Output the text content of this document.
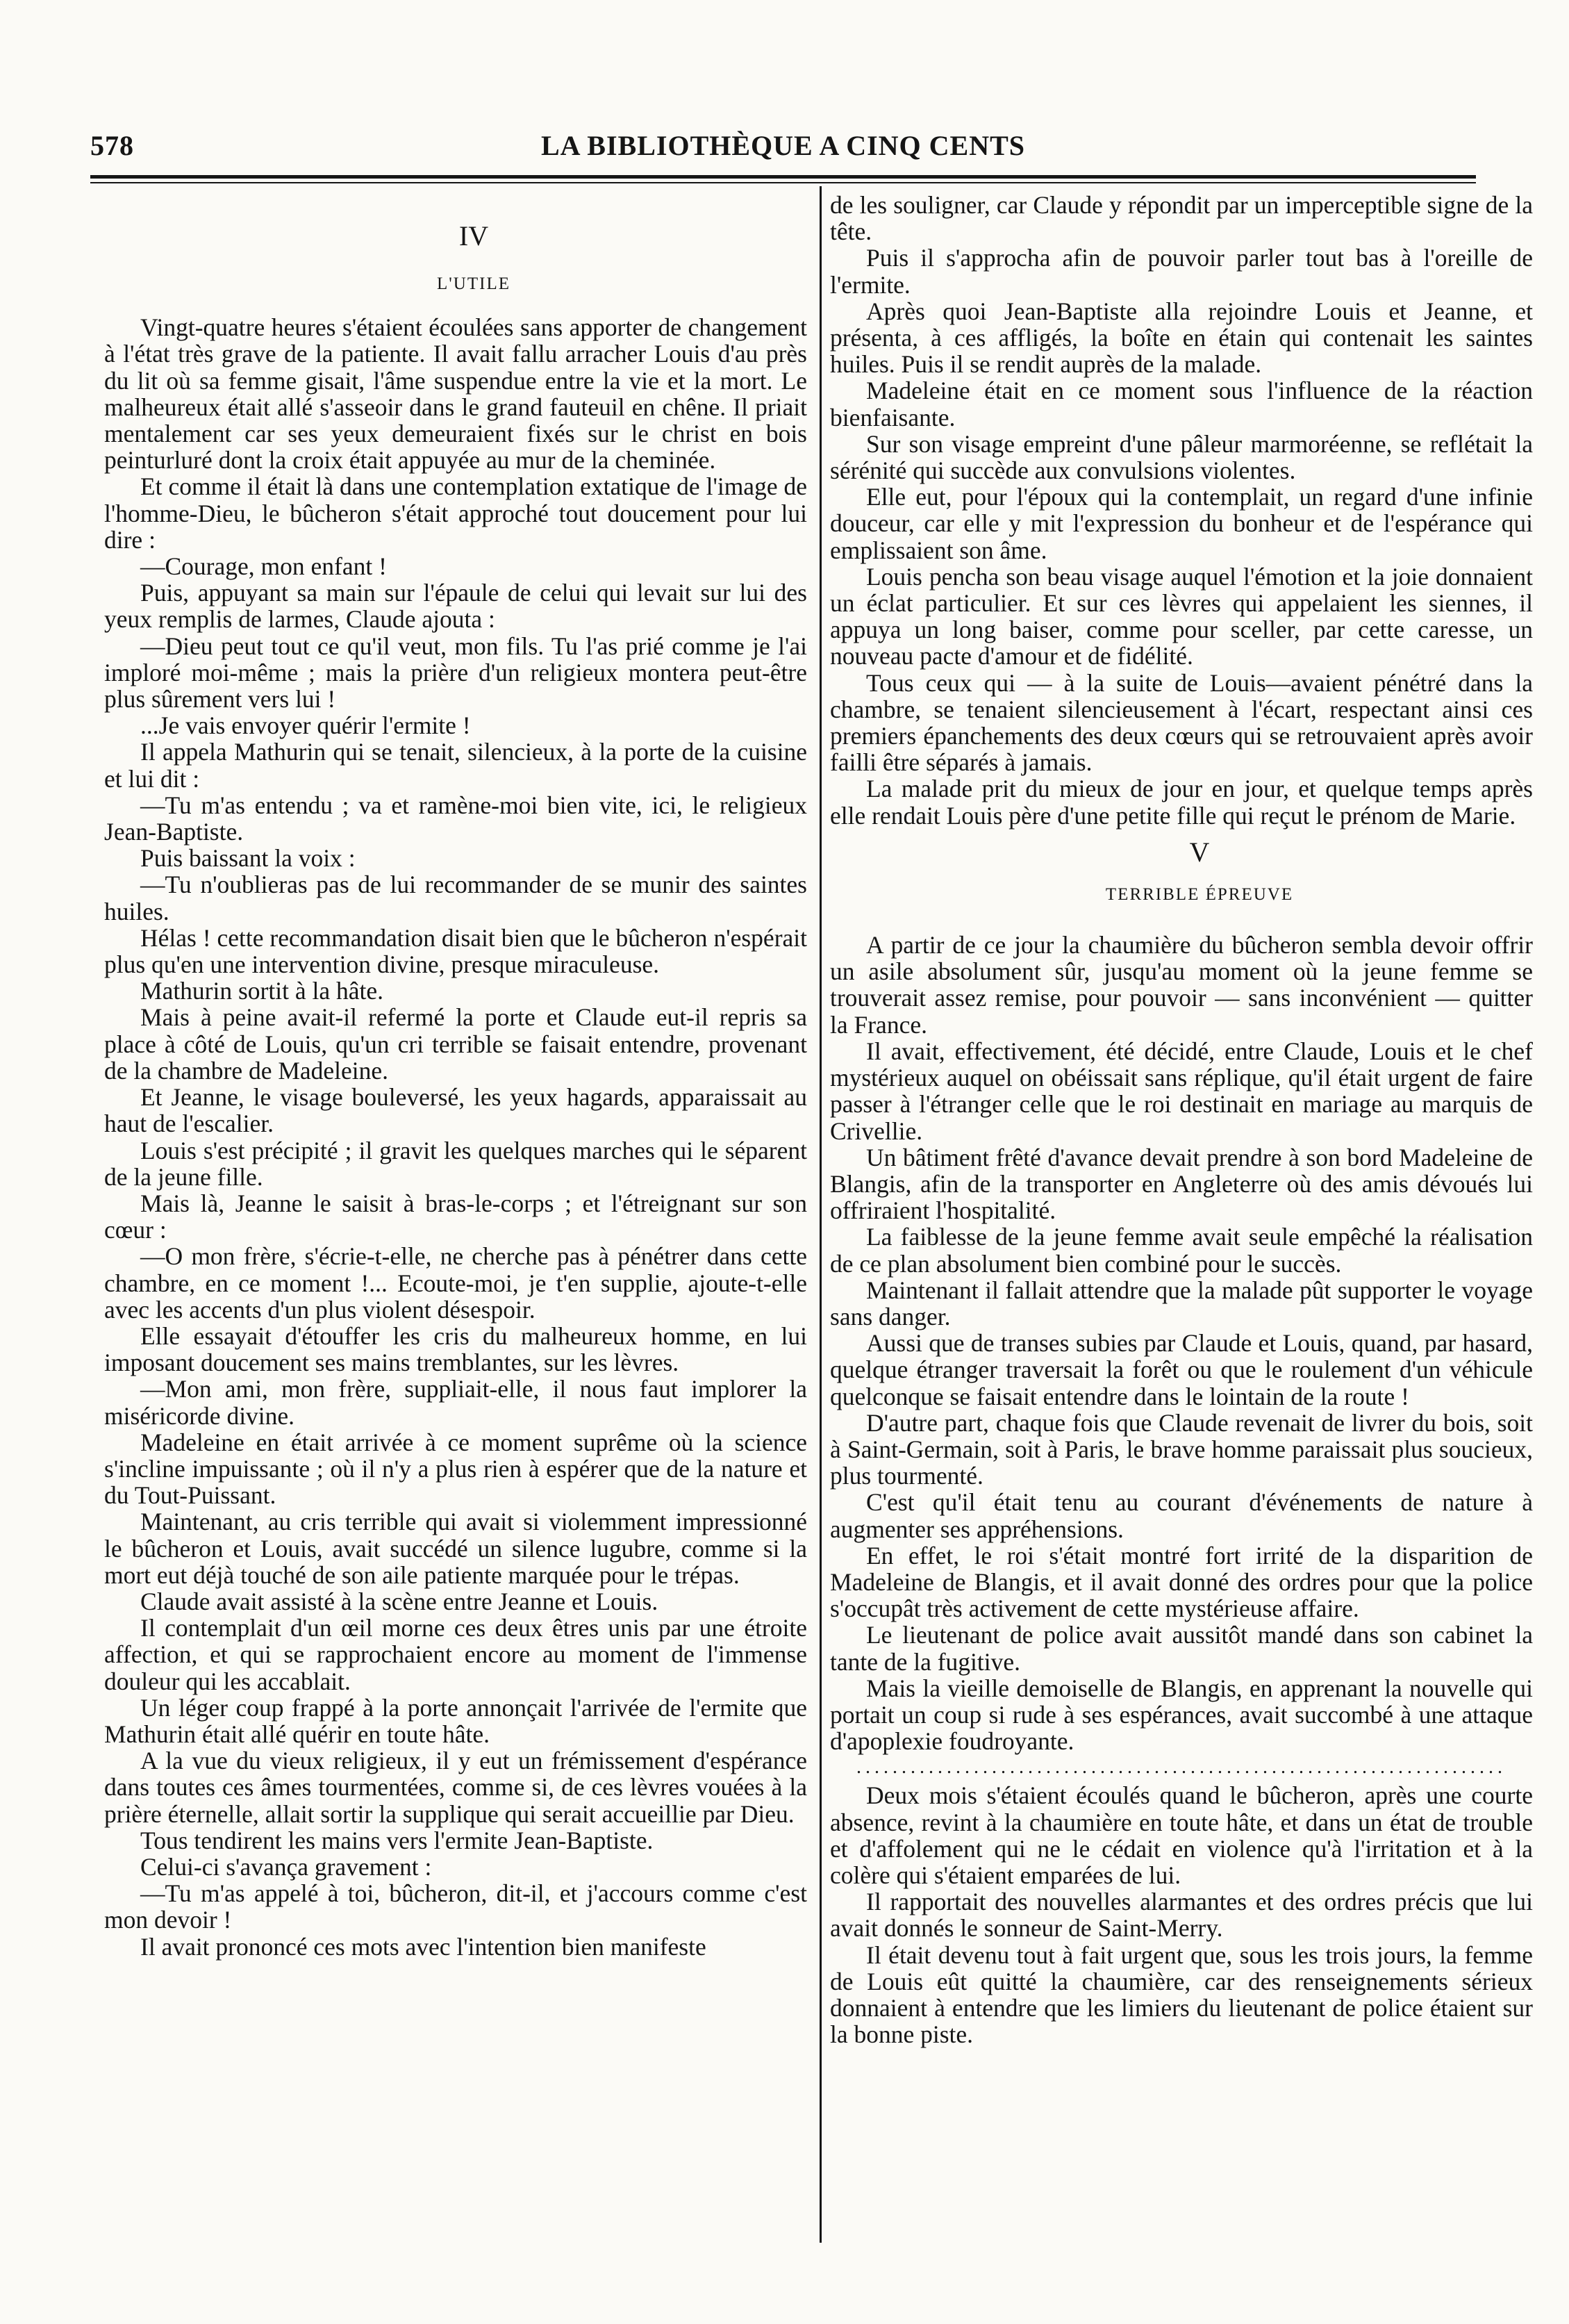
578	LA BIBLIOTHÈQUE A CINQ CENTS

IV

L'UTILE

Vingt-quatre heures s'étaient écoulées sans apporter de changement à l'état très grave de la patiente. Il avait fallu arracher Louis d'au près du lit où sa femme gisait, l'âme suspendue entre la vie et la mort. Le malheureux était allé s'asseoir dans le grand fauteuil en chêne. Il priait mentalement car ses yeux demeuraient fixés sur le christ en bois peinturluré dont la croix était appuyée au mur de la cheminée.

Et comme il était là dans une contemplation extatique de l'image de l'homme-Dieu, le bûcheron s'était approché tout doucement pour lui dire :

—Courage, mon enfant !

Puis, appuyant sa main sur l'épaule de celui qui levait sur lui des yeux remplis de larmes, Claude ajouta :

—Dieu peut tout ce qu'il veut, mon fils. Tu l'as prié comme je l'ai imploré moi-même ; mais la prière d'un religieux montera peut-être plus sûrement vers lui !

...Je vais envoyer quérir l'ermite !

Il appela Mathurin qui se tenait, silencieux, à la porte de la cuisine et lui dit :

—Tu m'as entendu ; va et ramène-moi bien vite, ici, le religieux Jean-Baptiste.

Puis baissant la voix :

—Tu n'oublieras pas de lui recommander de se munir des saintes huiles.

Hélas ! cette recommandation disait bien que le bûcheron n'espérait plus qu'en une intervention divine, presque miraculeuse.

Mathurin sortit à la hâte.

Mais à peine avait-il refermé la porte et Claude eut-il repris sa place à côté de Louis, qu'un cri terrible se faisait entendre, provenant de la chambre de Madeleine.

Et Jeanne, le visage bouleversé, les yeux hagards, apparaissait au haut de l'escalier.

Louis s'est précipité ; il gravit les quelques marches qui le séparent de la jeune fille.

Mais là, Jeanne le saisit à bras-le-corps ; et l'étreignant sur son cœur :

—O mon frère, s'écrie-t-elle, ne cherche pas à pénétrer dans cette chambre, en ce moment !... Ecoute-moi, je t'en supplie, ajoute-t-elle avec les accents d'un plus violent désespoir.

Elle essayait d'étouffer les cris du malheureux homme, en lui imposant doucement ses mains tremblantes, sur les lèvres.

—Mon ami, mon frère, suppliait-elle, il nous faut implorer la miséricorde divine.

Madeleine en était arrivée à ce moment suprême où la science s'incline impuissante ; où il n'y a plus rien à espérer que de la nature et du Tout-Puissant.

Maintenant, au cris terrible qui avait si violemment impressionné le bûcheron et Louis, avait succédé un silence lugubre, comme si la mort eut déjà touché de son aile patiente marquée pour le trépas.

Claude avait assisté à la scène entre Jeanne et Louis.

Il contemplait d'un œil morne ces deux êtres unis par une étroite affection, et qui se rapprochaient encore au moment de l'immense douleur qui les accablait.

Un léger coup frappé à la porte annonçait l'arrivée de l'ermite que Mathurin était allé quérir en toute hâte.

A la vue du vieux religieux, il y eut un frémissement d'espérance dans toutes ces âmes tourmentées, comme si, de ces lèvres vouées à la prière éternelle, allait sortir la supplique qui serait accueillie par Dieu.

Tous tendirent les mains vers l'ermite Jean-Baptiste.

Celui-ci s'avança gravement :

—Tu m'as appelé à toi, bûcheron, dit-il, et j'accours comme c'est mon devoir !

Il avait prononcé ces mots avec l'intention bien manifeste

de les souligner, car Claude y répondit par un imperceptible signe de la tête.

Puis il s'approcha afin de pouvoir parler tout bas à l'oreille de l'ermite.

Après quoi Jean-Baptiste alla rejoindre Louis et Jeanne, et présenta, à ces affligés, la boîte en étain qui contenait les saintes huiles. Puis il se rendit auprès de la malade.

Madeleine était en ce moment sous l'influence de la réaction bienfaisante.

Sur son visage empreint d'une pâleur marmoréenne, se reflétait la sérénité qui succède aux convulsions violentes.

Elle eut, pour l'époux qui la contemplait, un regard d'une infinie douceur, car elle y mit l'expression du bonheur et de l'espérance qui emplissaient son âme.

Louis pencha son beau visage auquel l'émotion et la joie donnaient un éclat particulier. Et sur ces lèvres qui appelaient les siennes, il appuya un long baiser, comme pour sceller, par cette caresse, un nouveau pacte d'amour et de fidélité.

Tous ceux qui — à la suite de Louis—avaient pénétré dans la chambre, se tenaient silencieusement à l'écart, respectant ainsi ces premiers épanchements des deux cœurs qui se retrouvaient après avoir failli être séparés à jamais.

La malade prit du mieux de jour en jour, et quelque temps après elle rendait Louis père d'une petite fille qui reçut le prénom de Marie.

V

TERRIBLE ÉPREUVE

A partir de ce jour la chaumière du bûcheron sembla devoir offrir un asile absolument sûr, jusqu'au moment où la jeune femme se trouverait assez remise, pour pouvoir — sans inconvénient — quitter la France.

Il avait, effectivement, été décidé, entre Claude, Louis et le chef mystérieux auquel on obéissait sans réplique, qu'il était urgent de faire passer à l'étranger celle que le roi destinait en mariage au marquis de Crivellie.

Un bâtiment frêté d'avance devait prendre à son bord Madeleine de Blangis, afin de la transporter en Angleterre où des amis dévoués lui offriraient l'hospitalité.

La faiblesse de la jeune femme avait seule empêché la réalisation de ce plan absolument bien combiné pour le succès.

Maintenant il fallait attendre que la malade pût supporter le voyage sans danger.

Aussi que de transes subies par Claude et Louis, quand, par hasard, quelque étranger traversait la forêt ou que le roulement d'un véhicule quelconque se faisait entendre dans le lointain de la route !

D'autre part, chaque fois que Claude revenait de livrer du bois, soit à Saint-Germain, soit à Paris, le brave homme paraissait plus soucieux, plus tourmenté.

C'est qu'il était tenu au courant d'événements de nature à augmenter ses appréhensions.

En effet, le roi s'était montré fort irrité de la disparition de Madeleine de Blangis, et il avait donné des ordres pour que la police s'occupât très activement de cette mystérieuse affaire.

Le lieutenant de police avait aussitôt mandé dans son cabinet la tante de la fugitive.

Mais la vieille demoiselle de Blangis, en apprenant la nouvelle qui portait un coup si rude à ses espérances, avait succombé à une attaque d'apoplexie foudroyante.

........................................................................

Deux mois s'étaient écoulés quand le bûcheron, après une courte absence, revint à la chaumière en toute hâte, et dans un état de trouble et d'affolement qui ne le cédait en violence qu'à l'irritation et à la colère qui s'étaient emparées de lui.

Il rapportait des nouvelles alarmantes et des ordres précis que lui avait donnés le sonneur de Saint-Merry.

Il était devenu tout à fait urgent que, sous les trois jours, la femme de Louis eût quitté la chaumière, car des renseignements sérieux donnaient à entendre que les limiers du lieutenant de police étaient sur la bonne piste.
